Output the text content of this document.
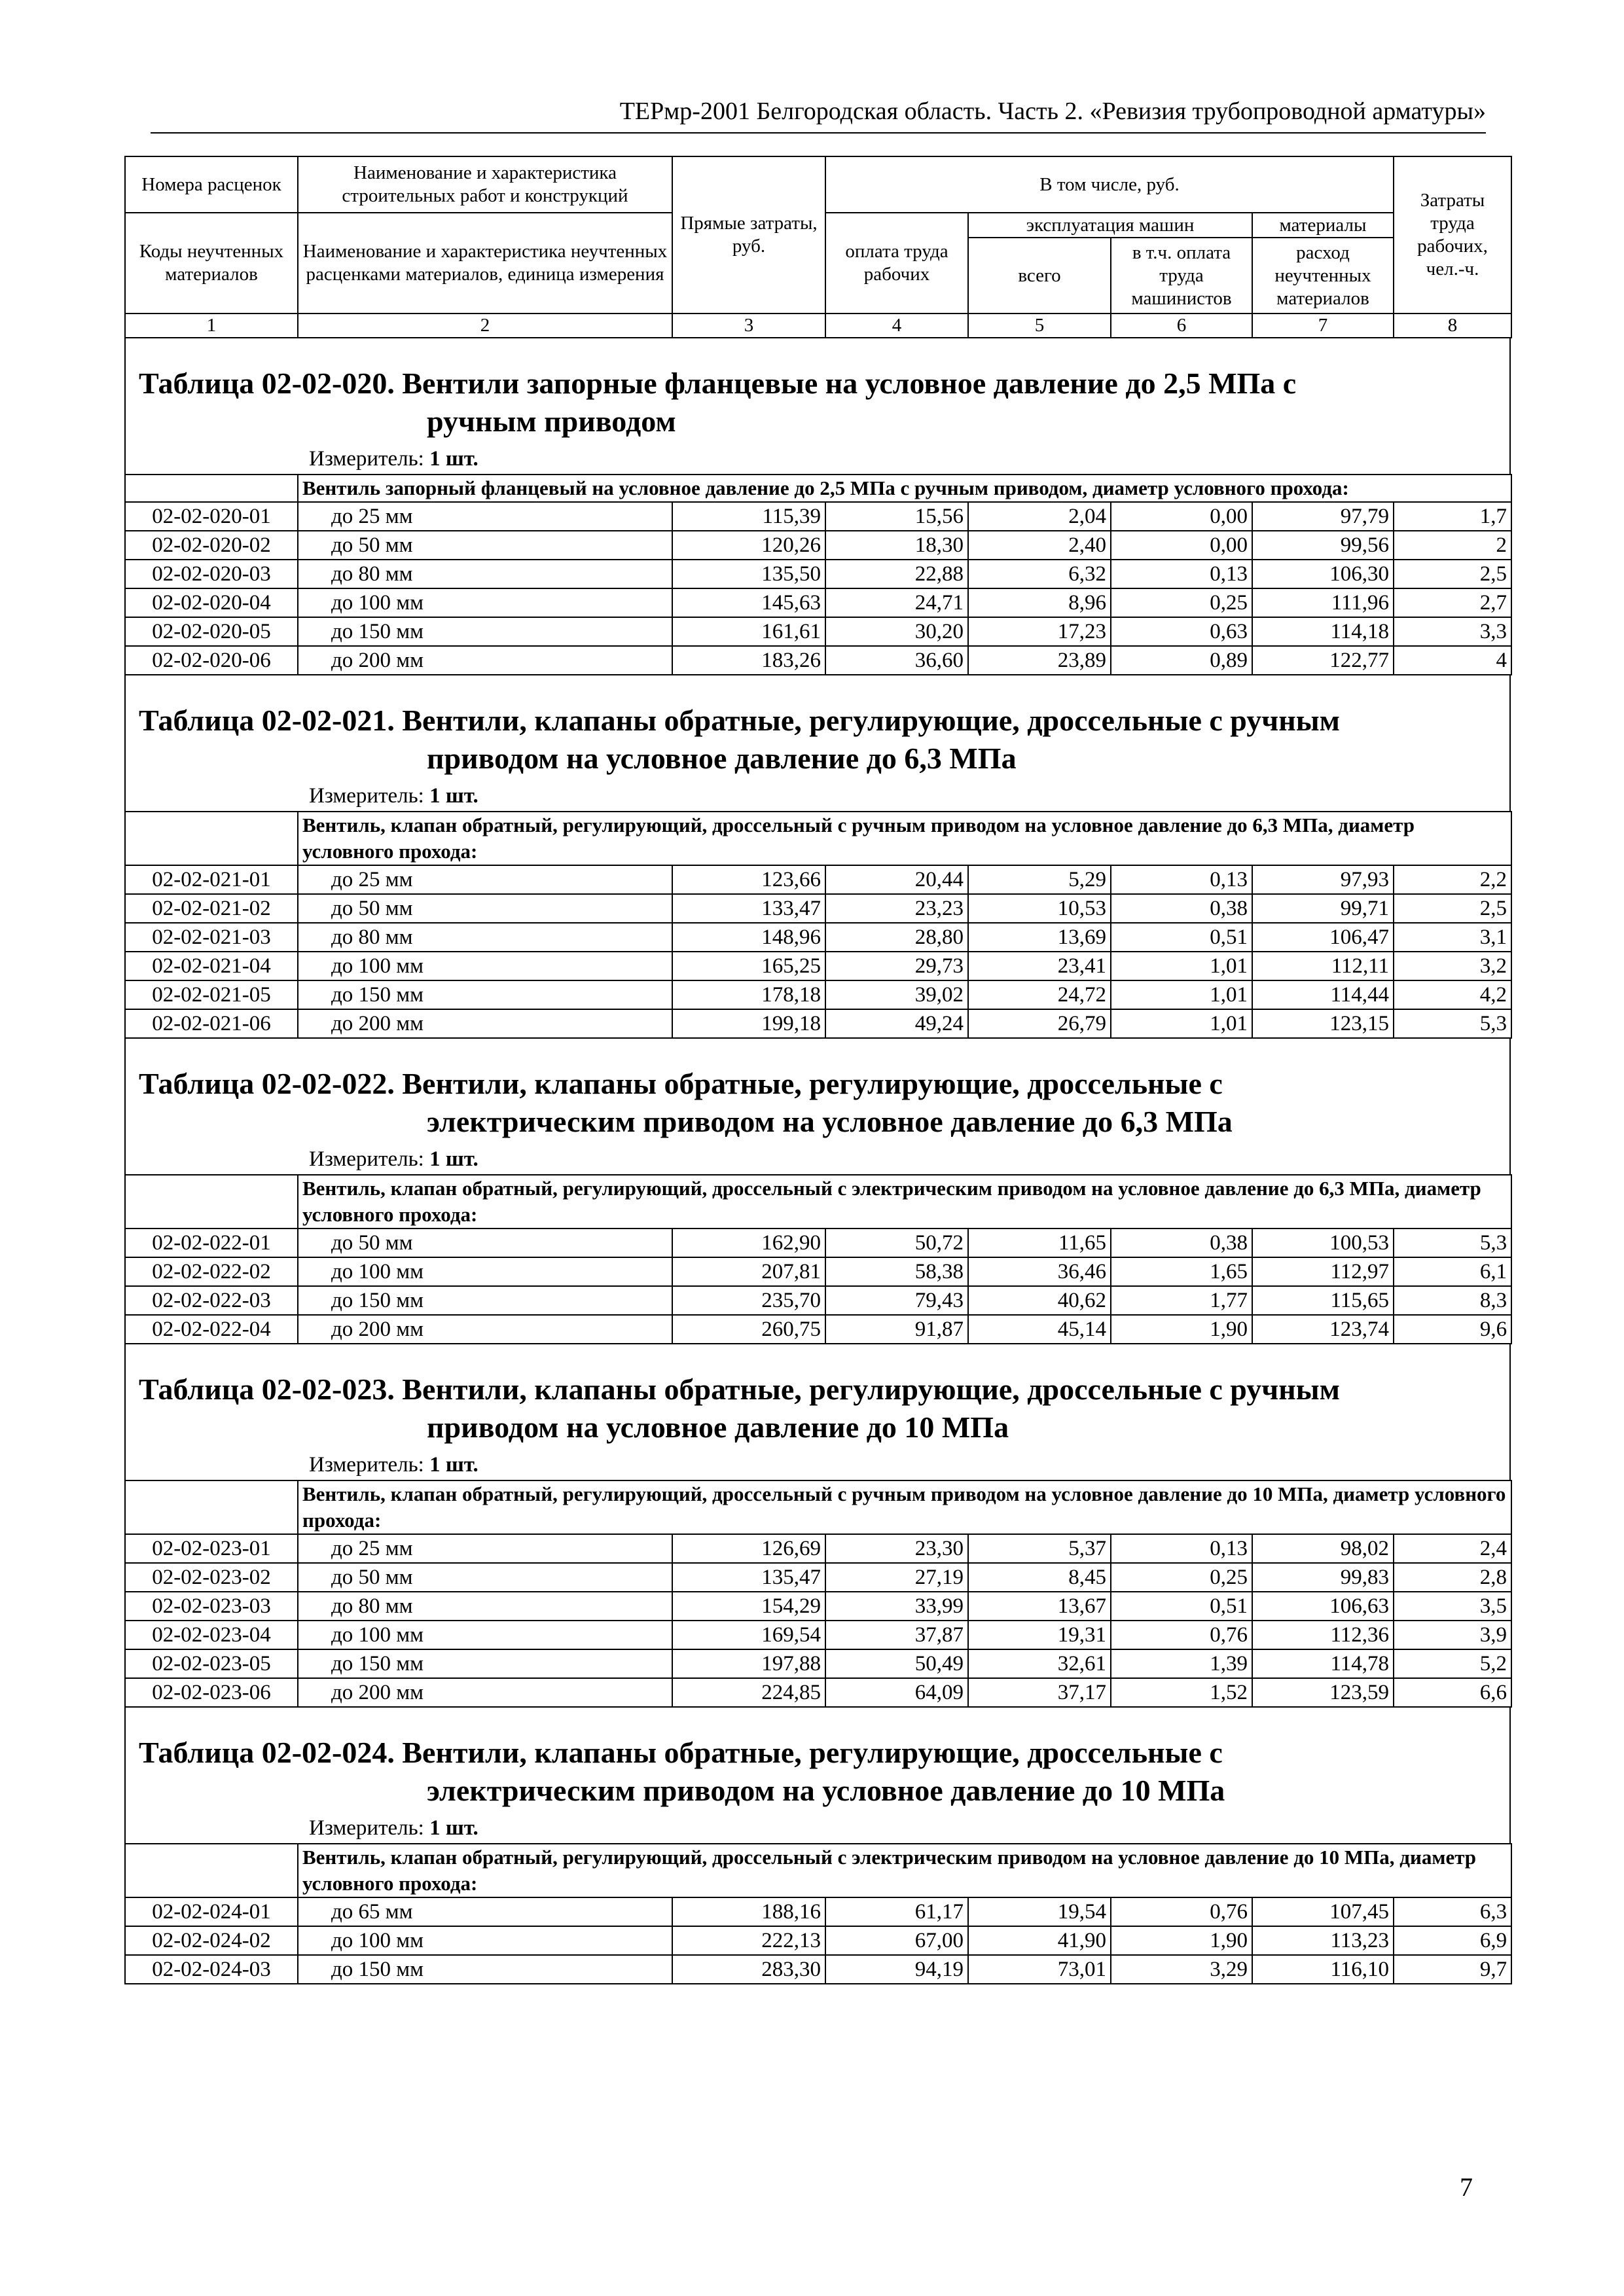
ТЕРмр-2001 Белгородская область. Часть 2. «Ревизия трубопроводной арматуры»
Номера расценок	Наименование и характеристика строительных работ и конструкций	Прямые затраты, руб.	В том числе, руб.				Затраты труда рабочих, чел.-ч.
Коды неучтенных материалов	Наименование и характеристика неучтенных расценками материалов, единица измерения		оплата труда рабочих	эксплуатация машин		материалы	
				всего	в т.ч. оплата труда машинистов	расход неучтенных материалов	
1	2	3	4	5	6	7	8
Таблица 02-02-020. Вентили запорные фланцевые на условное давление до 2,5 МПа с
ручным приводом
Измеритель: 1 шт.
	Вентиль запорный фланцевый на условное давление до 2,5 МПа с ручным приводом, диаметр условного прохода:						
02-02-020-01	до 25 мм	115,39	15,56	2,04	0,00	97,79	1,7
02-02-020-02	до 50 мм	120,26	18,30	2,40	0,00	99,56	2
02-02-020-03	до 80 мм	135,50	22,88	6,32	0,13	106,30	2,5
02-02-020-04	до 100 мм	145,63	24,71	8,96	0,25	111,96	2,7
02-02-020-05	до 150 мм	161,61	30,20	17,23	0,63	114,18	3,3
02-02-020-06	до 200 мм	183,26	36,60	23,89	0,89	122,77	4
Таблица 02-02-021. Вентили, клапаны обратные, регулирующие, дроссельные с ручным
приводом на условное давление до 6,3 МПа
Измеритель: 1 шт.
	Вентиль, клапан обратный, регулирующий, дроссельный с ручным приводом на условное давление до 6,3 МПа, диаметр условного прохода:						
02-02-021-01	до 25 мм	123,66	20,44	5,29	0,13	97,93	2,2
02-02-021-02	до 50 мм	133,47	23,23	10,53	0,38	99,71	2,5
02-02-021-03	до 80 мм	148,96	28,80	13,69	0,51	106,47	3,1
02-02-021-04	до 100 мм	165,25	29,73	23,41	1,01	112,11	3,2
02-02-021-05	до 150 мм	178,18	39,02	24,72	1,01	114,44	4,2
02-02-021-06	до 200 мм	199,18	49,24	26,79	1,01	123,15	5,3
Таблица 02-02-022. Вентили, клапаны обратные, регулирующие, дроссельные с
электрическим приводом на условное давление до 6,3 МПа
Измеритель: 1 шт.
	Вентиль, клапан обратный, регулирующий, дроссельный с электрическим приводом на условное давление до 6,3 МПа, диаметр условного прохода:						
02-02-022-01	до 50 мм	162,90	50,72	11,65	0,38	100,53	5,3
02-02-022-02	до 100 мм	207,81	58,38	36,46	1,65	112,97	6,1
02-02-022-03	до 150 мм	235,70	79,43	40,62	1,77	115,65	8,3
02-02-022-04	до 200 мм	260,75	91,87	45,14	1,90	123,74	9,6
Таблица 02-02-023. Вентили, клапаны обратные, регулирующие, дроссельные с ручным
приводом на условное давление до 10 МПа
Измеритель: 1 шт.
	Вентиль, клапан обратный, регулирующий, дроссельный с ручным приводом на условное давление до 10 МПа, диаметр условного прохода:						
02-02-023-01	до 25 мм	126,69	23,30	5,37	0,13	98,02	2,4
02-02-023-02	до 50 мм	135,47	27,19	8,45	0,25	99,83	2,8
02-02-023-03	до 80 мм	154,29	33,99	13,67	0,51	106,63	3,5
02-02-023-04	до 100 мм	169,54	37,87	19,31	0,76	112,36	3,9
02-02-023-05	до 150 мм	197,88	50,49	32,61	1,39	114,78	5,2
02-02-023-06	до 200 мм	224,85	64,09	37,17	1,52	123,59	6,6
Таблица 02-02-024. Вентили, клапаны обратные, регулирующие, дроссельные с
электрическим приводом на условное давление до 10 МПа
Измеритель: 1 шт.
	Вентиль, клапан обратный, регулирующий, дроссельный с электрическим приводом на условное давление до 10 МПа, диаметр условного прохода:						
02-02-024-01	до 65 мм	188,16	61,17	19,54	0,76	107,45	6,3
02-02-024-02	до 100 мм	222,13	67,00	41,90	1,90	113,23	6,9
02-02-024-03	до 150 мм	283,30	94,19	73,01	3,29	116,10	9,7
7
